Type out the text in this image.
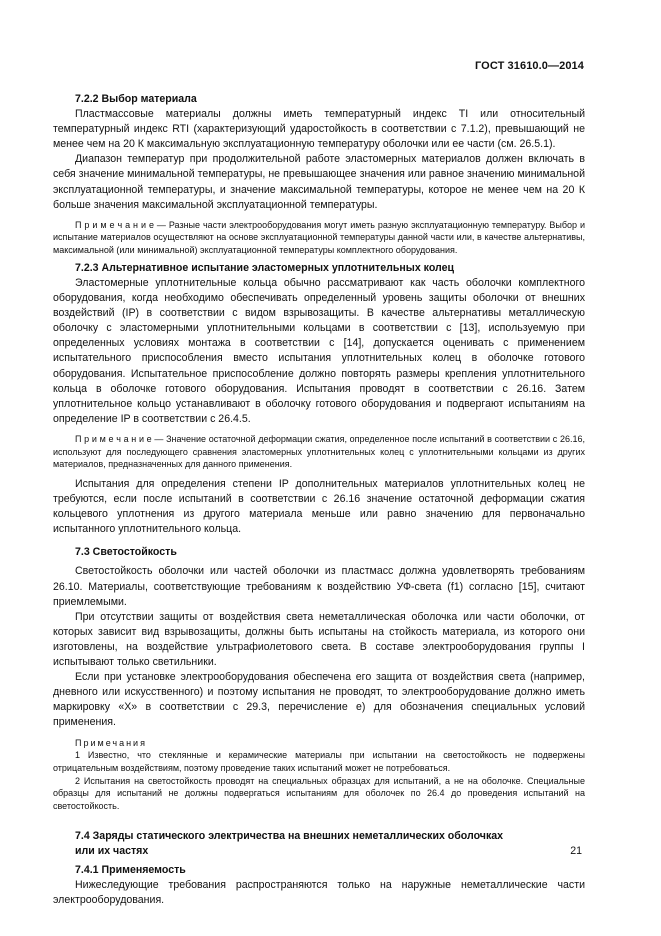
ГОСТ 31610.0—2014

7.2.2 Выбор материала

Пластмассовые материалы должны иметь температурный индекс TI или относительный температурный индекс RTI (характеризующий ударостойкость в соответствии с 7.1.2), превышающий не менее чем на 20 К максимальную эксплуатационную температуру оболочки или ее части (см. 26.5.1).

Диапазон температур при продолжительной работе эластомерных материалов должен включать в себя значение минимальной температуры, не превышающее значения или равное значению минимальной эксплуатационной температуры, и значение максимальной температуры, которое не менее чем на 20 К больше значения максимальной эксплуатационной температуры.

П р и м е ч а н и е — Разные части электрооборудования могут иметь разную эксплуатационную температуру. Выбор и испытание материалов осуществляют на основе эксплуатационной температуры данной части или, в качестве альтернативы, максимальной (или минимальной) эксплуатационной температуры комплектного оборудования.

7.2.3 Альтернативное испытание эластомерных уплотнительных колец

Эластомерные уплотнительные кольца обычно рассматривают как часть оболочки комплектного оборудования, когда необходимо обеспечивать определенный уровень защиты оболочки от внешних воздействий (IP) в соответствии с видом взрывозащиты. В качестве альтернативы металлическую оболочку с эластомерными уплотнительными кольцами в соответствии с [13], используемую при определенных условиях монтажа в соответствии с [14], допускается оценивать с применением испытательного приспособления вместо испытания уплотнительных колец в оболочке готового оборудования. Испытательное приспособление должно повторять размеры крепления уплотнительного кольца в оболочке готового оборудования. Испытания проводят в соответствии с 26.16. Затем уплотнительное кольцо устанавливают в оболочку готового оборудования и подвергают испытаниям на определение IP в соответствии с 26.4.5.

П р и м е ч а н и е — Значение остаточной деформации сжатия, определенное после испытаний в соответствии с 26.16, используют для последующего сравнения эластомерных уплотнительных колец с уплотнительными кольцами из других материалов, предназначенных для данного применения.

Испытания для определения степени IP дополнительных материалов уплотнительных колец не требуются, если после испытаний в соответствии с 26.16 значение остаточной деформации сжатия кольцевого уплотнения из другого материала меньше или равно значению для первоначально испытанного уплотнительного кольца.

7.3 Светостойкость

Светостойкость оболочки или частей оболочки из пластмасс должна удовлетворять требованиям 26.10. Материалы, соответствующие требованиям к воздействию УФ-света (f1) согласно [15], считают приемлемыми.

При отсутствии защиты от воздействия света неметаллическая оболочка или части оболочки, от которых зависит вид взрывозащиты, должны быть испытаны на стойкость материала, из которого они изготовлены, на воздействие ультрафиолетового света. В составе электрооборудования группы I испытывают только светильники.

Если при установке электрооборудования обеспечена его защита от воздействия света (например, дневного или искусственного) и поэтому испытания не проводят, то электрооборудование должно иметь маркировку «X» в соответствии с 29.3, перечисление е) для обозначения специальных условий применения.

Примечания

1 Известно, что стеклянные и керамические материалы при испытании на светостойкость не подвержены отрицательным воздействиям, поэтому проведение таких испытаний может не потребоваться.

2 Испытания на светостойкость проводят на специальных образцах для испытаний, а не на оболочке. Специальные образцы для испытаний не должны подвергаться испытаниям для оболочек по 26.4 до проведения испытаний на светостойкость.

7.4 Заряды статического электричества на внешних неметаллических оболочках

или их частях

7.4.1 Применяемость

Нижеследующие требования распространяются только на наружные неметаллические части электрооборудования.

21
